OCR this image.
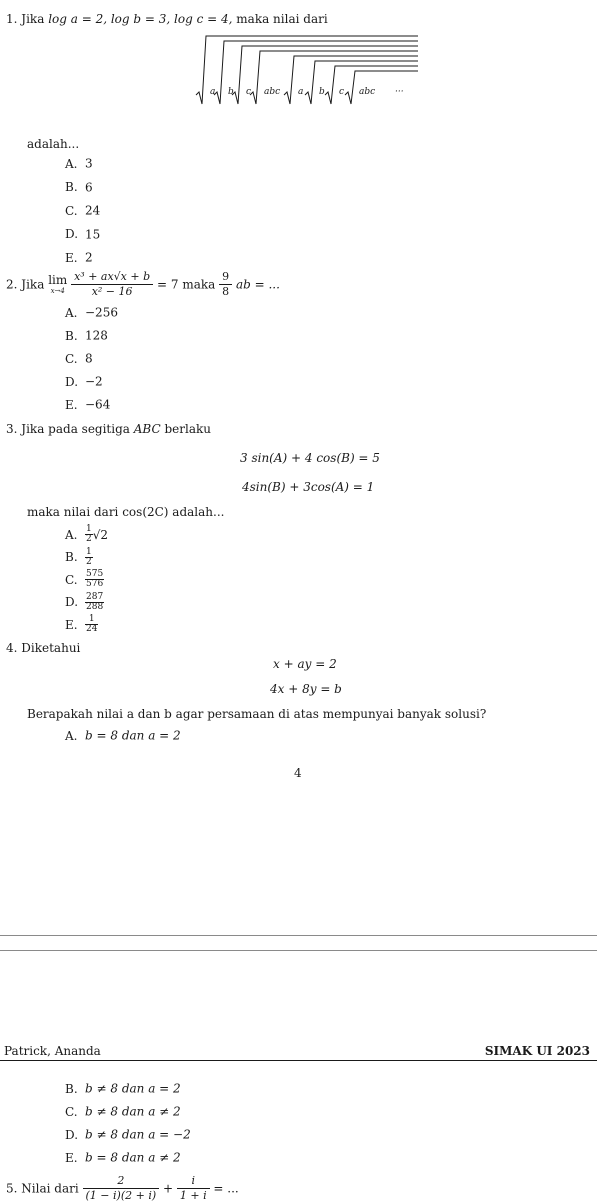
1. Jika log a = 2, log b = 3, log c = 4, maka nilai dari
a b c abc a b c abc ···
adalah...
A. 3
B. 6
C. 24
D. 15
E. 2
2. Jika lim
x→4
$\frac{\text{x³ + ax√x + b}}{\text{x² − 16}} = 7$ maka $\frac{9}{8}$ ab = ...
A. −256
B. 128
C. 8
D. −2
E. −64
3. Jika pada segitiga ABC berlaku
3 sin(A) + 4 cos(B) = 5
4sin(B) + 3cos(A) = 1
maka nilai dari cos(2C) adalah...
A. $\frac{1}{2} √2$
B. $\frac{1}{2}$
C. $\frac{575}{576}$
D. $\frac{287}{288}$
E. $\frac{1}{24}$
4. Diketahui
x + ay = 2
4x + 8y = b
Berapakah nilai a dan b agar persamaan di atas mempunyai banyak solusi?
A. b = 8 dan a = 2
4
Patrick, Ananda	SIMAK UI 2023
B. b ≠ 8 dan a = 2
C. b ≠ 8 dan a ≠ 2
D. b ≠ 8 dan a = −2
E. b = 8 dan a ≠ 2
5. Nilai dari $\frac{2}{(1 - i)(2 + i)} + \frac{i}{1 + i}$ = ...
